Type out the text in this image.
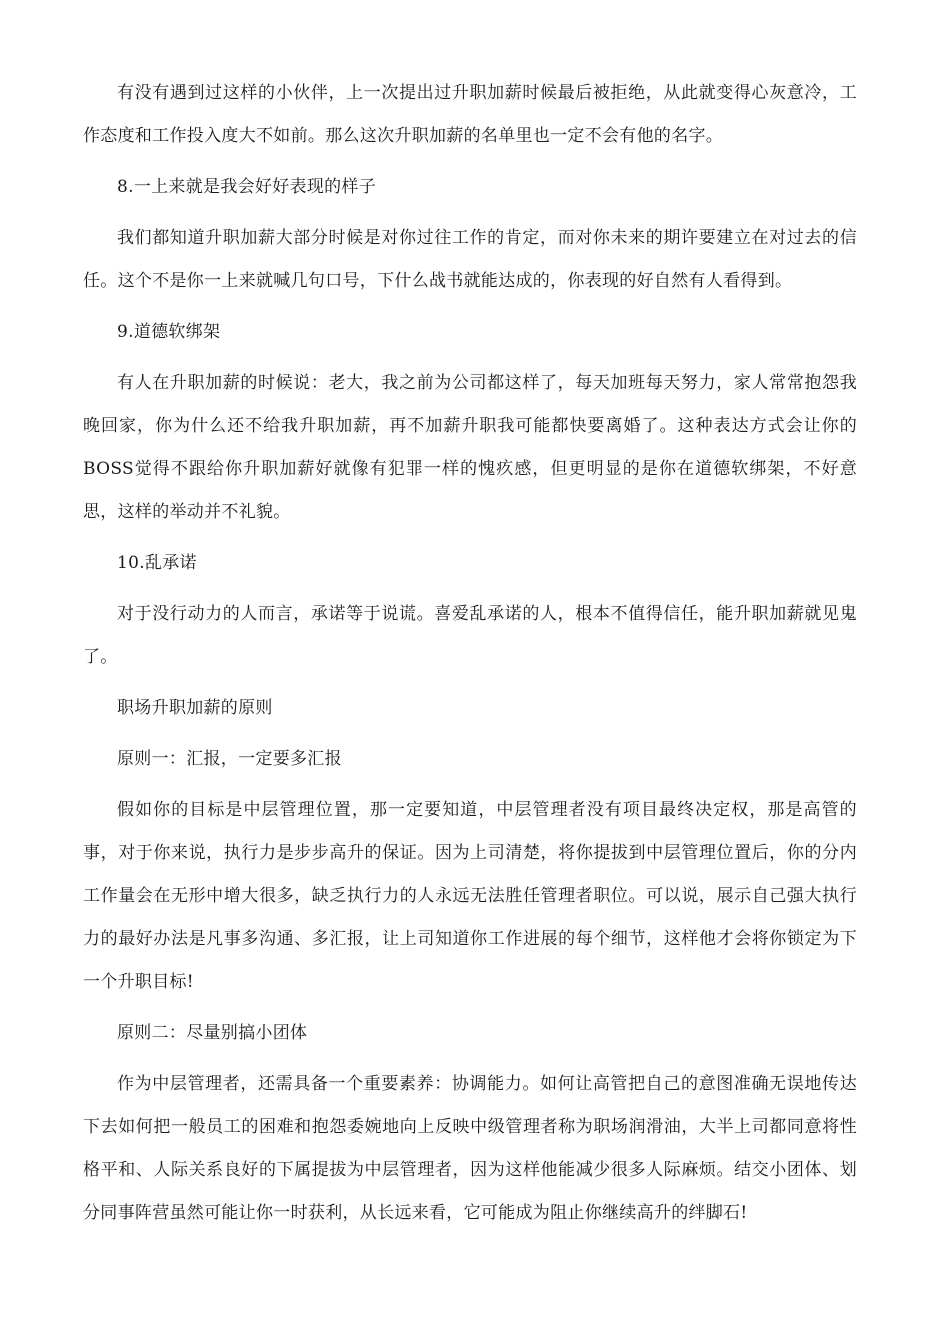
有没有遇到过这样的小伙伴，上一次提出过升职加薪时候最后被拒绝，从此就变得心灰意冷，工作态度和工作投入度大不如前。那么这次升职加薪的名单里也一定不会有他的名字。

8.一上来就是我会好好表现的样子

我们都知道升职加薪大部分时候是对你过往工作的肯定，而对你未来的期许要建立在对过去的信任。这个不是你一上来就喊几句口号，下什么战书就能达成的，你表现的好自然有人看得到。

9.道德软绑架

有人在升职加薪的时候说：老大，我之前为公司都这样了，每天加班每天努力，家人常常抱怨我晚回家，你为什么还不给我升职加薪，再不加薪升职我可能都快要离婚了。这种表达方式会让你的BOSS觉得不跟给你升职加薪好就像有犯罪一样的愧疚感，但更明显的是你在道德软绑架，不好意思，这样的举动并不礼貌。

10.乱承诺

对于没行动力的人而言，承诺等于说谎。喜爱乱承诺的人，根本不值得信任，能升职加薪就见鬼了。

职场升职加薪的原则

原则一：汇报，一定要多汇报

假如你的目标是中层管理位置，那一定要知道，中层管理者没有项目最终决定权，那是高管的事，对于你来说，执行力是步步高升的保证。因为上司清楚，将你提拔到中层管理位置后，你的分内工作量会在无形中增大很多，缺乏执行力的人永远无法胜任管理者职位。可以说，展示自己强大执行力的最好办法是凡事多沟通、多汇报，让上司知道你工作进展的每个细节，这样他才会将你锁定为下一个升职目标!

原则二：尽量别搞小团体

作为中层管理者，还需具备一个重要素养：协调能力。如何让高管把自己的意图准确无误地传达下去如何把一般员工的困难和抱怨委婉地向上反映中级管理者称为职场润滑油，大半上司都同意将性格平和、人际关系良好的下属提拔为中层管理者，因为这样他能减少很多人际麻烦。结交小团体、划分同事阵营虽然可能让你一时获利，从长远来看，它可能成为阻止你继续高升的绊脚石!
